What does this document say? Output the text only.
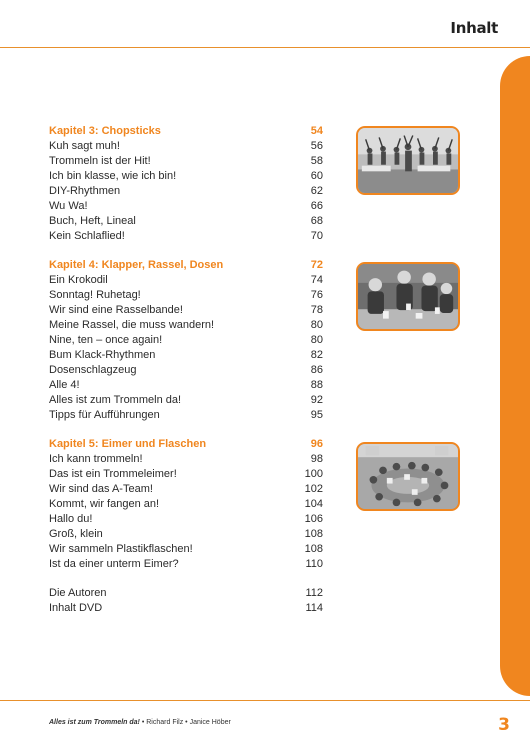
Inhalt
Kapitel 3: Chopsticks	54
Kuh sagt muh!	56
Trommeln ist der Hit!	58
Ich bin klasse, wie ich bin!	60
DIY-Rhythmen	62
Wu Wa!	66
Buch, Heft, Lineal	68
Kein Schlaflied!	70
Kapitel 4: Klapper, Rassel, Dosen	72
Ein Krokodil	74
Sonntag! Ruhetag!	76
Wir sind eine Rasselbande!	78
Meine Rassel, die muss wandern!	80
Nine, ten – once again!	80
Bum Klack-Rhythmen	82
Dosenschlagzeug	86
Alle 4!	88
Alles ist zum Trommeln da!	92
Tipps für Aufführungen	95
Kapitel 5: Eimer und Flaschen	96
Ich kann trommeln!	98
Das ist ein Trommeleimer!	100
Wir sind das A-Team!	102
Kommt, wir fangen an!	104
Hallo du!	106
Groß, klein	108
Wir sammeln Plastikflaschen!	108
Ist da einer unterm Eimer?	110
Die Autoren	112
Inhalt DVD	114
Alles ist zum Trommeln da! • Richard Filz • Janice Höber	3
